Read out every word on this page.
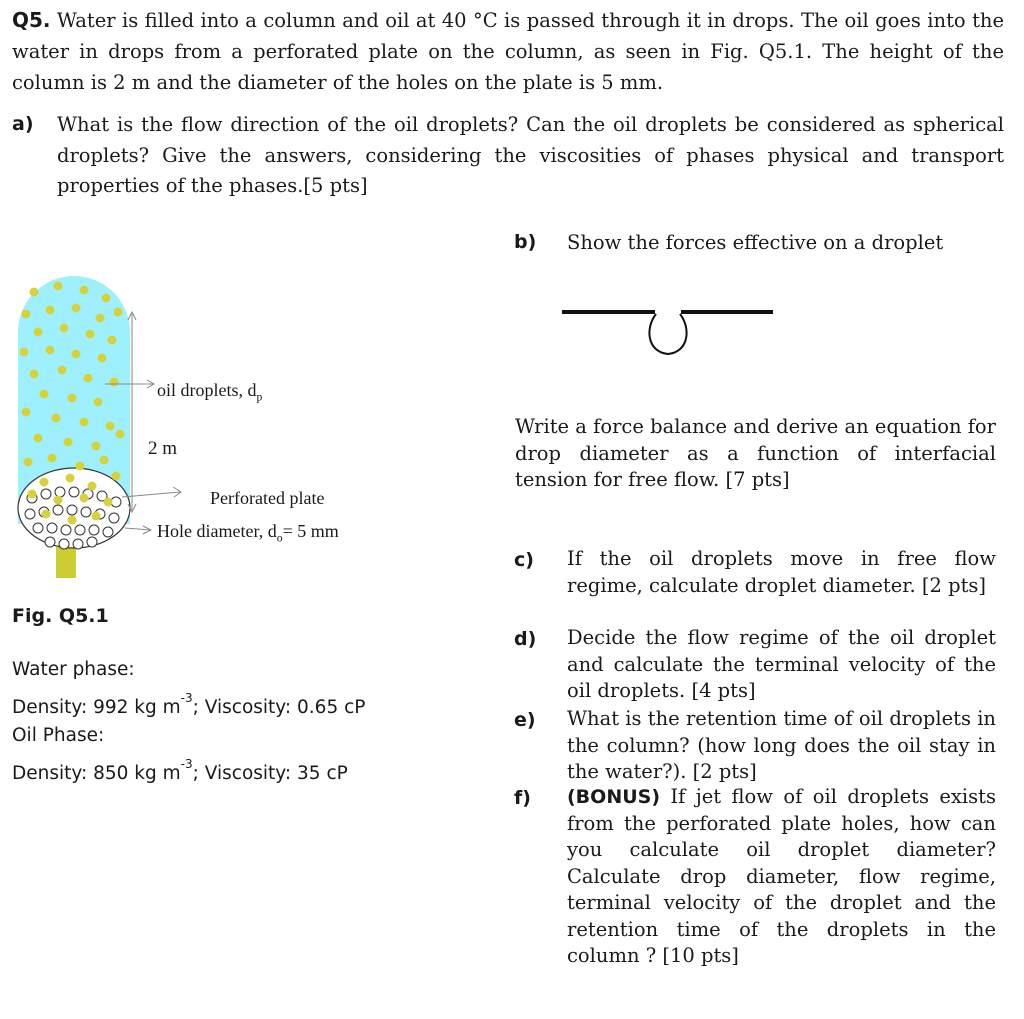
Q5. Water is filled into a column and oil at 40 °C is passed through it in drops. The oil goes into the water in drops from a perforated plate on the column, as seen in Fig. Q5.1. The height of the column is 2 m and the diameter of the holes on the plate is 5 mm.
a) What is the flow direction of the oil droplets? Can the oil droplets be considered as spherical droplets? Give the answers, considering the viscosities of phases physical and transport properties of the phases.[5 pts]
b) Show the forces effective on a droplet
Write a force balance and derive an equation for drop diameter as a function of interfacial tension for free flow. [7 pts]
c) If the oil droplets move in free flow regime, calculate droplet diameter. [2 pts]
d) Decide the flow regime of the oil droplet and calculate the terminal velocity of the oil droplets. [4 pts]
e) What is the retention time of oil droplets in the column? (how long does the oil stay in the water?). [2 pts]
f) (BONUS) If jet flow of oil droplets exists from the perforated plate holes, how can you calculate oil droplet diameter? Calculate drop diameter, flow regime, terminal velocity of the droplet and the retention time of the droplets in the column ? [10 pts]
oil droplets, $d_p$
2 m
Perforated plate
Hole diameter, $d_o= 5$ mm
Fig. Q5.1
Water phase:
Density: 992 kg $m^{-3}$; Viscosity: 0.65 cP
Oil Phase:
Density: 850 kg $m^{-3}$; Viscosity: 35 cP
